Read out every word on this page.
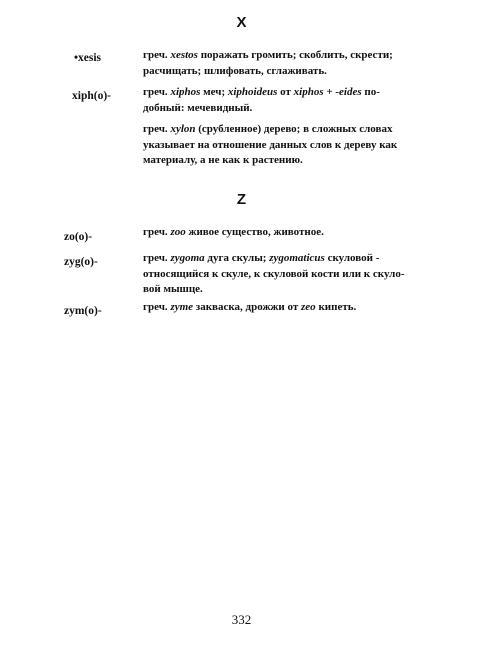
X
•xesis	греч. xestos поражать громить; скоблить, скрести; расчищать; шлифовать, сглаживать.

xiph(o)-	греч. xiphos меч; xiphoideus от xiphos + -eides по-добный: мечевидный.

греч. xylon (срубленное) дерево; в сложных словах указывает на отношение данных слов к дереву как материалу, а не как к растению.

Z
zo(o)-	греч. zoo живое существо, животное.

zyg(o)-	греч. zygoma дуга скулы; zygomaticus скуловой - относящийся к скуле, к скуловой кости или к скуло-вой мышце.

zym(o)-	греч. zyme закваска, дрожжи от zeo кипеть.

332
